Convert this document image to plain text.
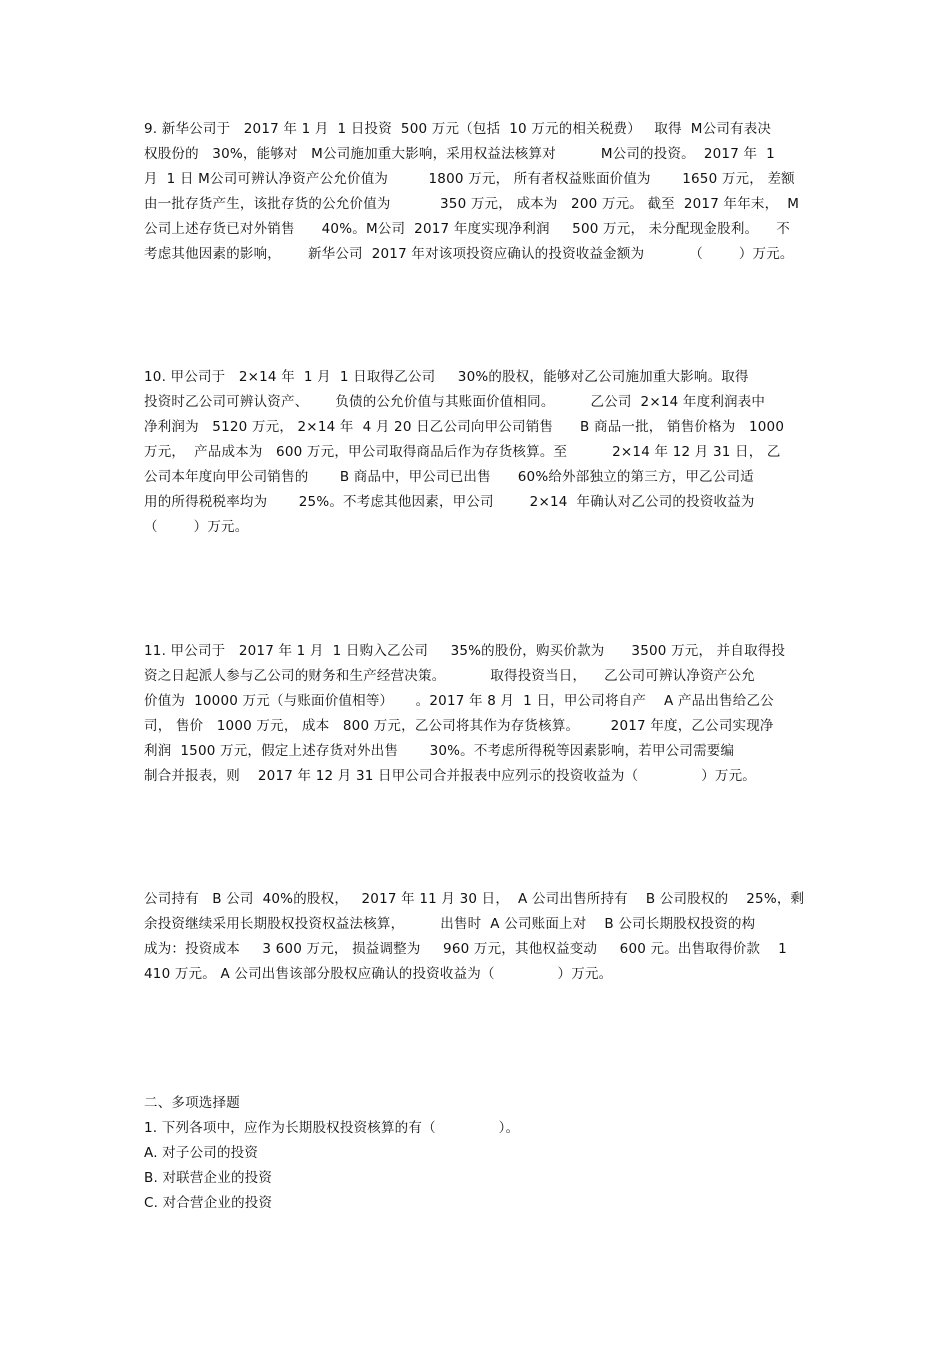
9. 新华公司于   2017 年 1 月  1 日投资  500 万元（包括  10 万元的相关税费）   取得  M公司有表决
权股份的   30%，能够对   M公司施加重大影响，采用权益法核算对          M公司的投资。  2017 年  1
月  1 日 M公司可辨认净资产公允价值为         1800 万元， 所有者权益账面价值为       1650 万元， 差额
由一批存货产生，该批存货的公允价值为           350 万元， 成本为   200 万元。 截至  2017 年年末，  M
公司上述存货已对外销售      40%。M公司  2017 年度实现净利润     500 万元， 未分配现金股利。    不
考虑其他因素的影响，      新华公司  2017 年对该项投资应确认的投资收益金额为          （        ）万元。
10. 甲公司于   2×14 年  1 月  1 日取得乙公司     30%的股权，能够对乙公司施加重大影响。取得
投资时乙公司可辨认资产、      负债的公允价值与其账面价值相同。        乙公司  2×14 年度利润表中
净利润为   5120 万元， 2×14 年  4 月 20 日乙公司向甲公司销售      B 商品一批， 销售价格为   1000
万元，  产品成本为   600 万元，甲公司取得商品后作为存货核算。至          2×14 年 12 月 31 日， 乙
公司本年度向甲公司销售的       B 商品中，甲公司已出售      60%给外部独立的第三方，甲乙公司适
用的所得税税率均为       25%。不考虑其他因素，甲公司        2×14  年确认对乙公司的投资收益为
（        ）万元。
11. 甲公司于   2017 年 1 月  1 日购入乙公司     35%的股份，购买价款为      3500 万元， 并自取得投
资之日起派人参与乙公司的财务和生产经营决策。          取得投资当日，    乙公司可辨认净资产公允
价值为  10000 万元（与账面价值相等）     。2017 年 8 月  1 日，甲公司将自产    A 产品出售给乙公
司， 售价   1000 万元， 成本   800 万元，乙公司将其作为存货核算。       2017 年度，乙公司实现净
利润  1500 万元，假定上述存货对外出售       30%。不考虑所得税等因素影响，若甲公司需要编
制合并报表，则    2017 年 12 月 31 日甲公司合并报表中应列示的投资收益为（              ）万元。
公司持有   B 公司  40%的股权，   2017 年 11 月 30 日，  A 公司出售所持有    B 公司股权的    25%，剩
余投资继续采用长期股权投资权益法核算，        出售时  A 公司账面上对    B 公司长期股权投资的构
成为：投资成本     3 600 万元， 损益调整为     960 万元，其他权益变动     600 元。出售取得价款    1
410 万元。 A 公司出售该部分股权应确认的投资收益为（              ）万元。
二、多项选择题
1. 下列各项中，应作为长期股权投资核算的有（              ）。
A. 对子公司的投资
B. 对联营企业的投资
C. 对合营企业的投资
